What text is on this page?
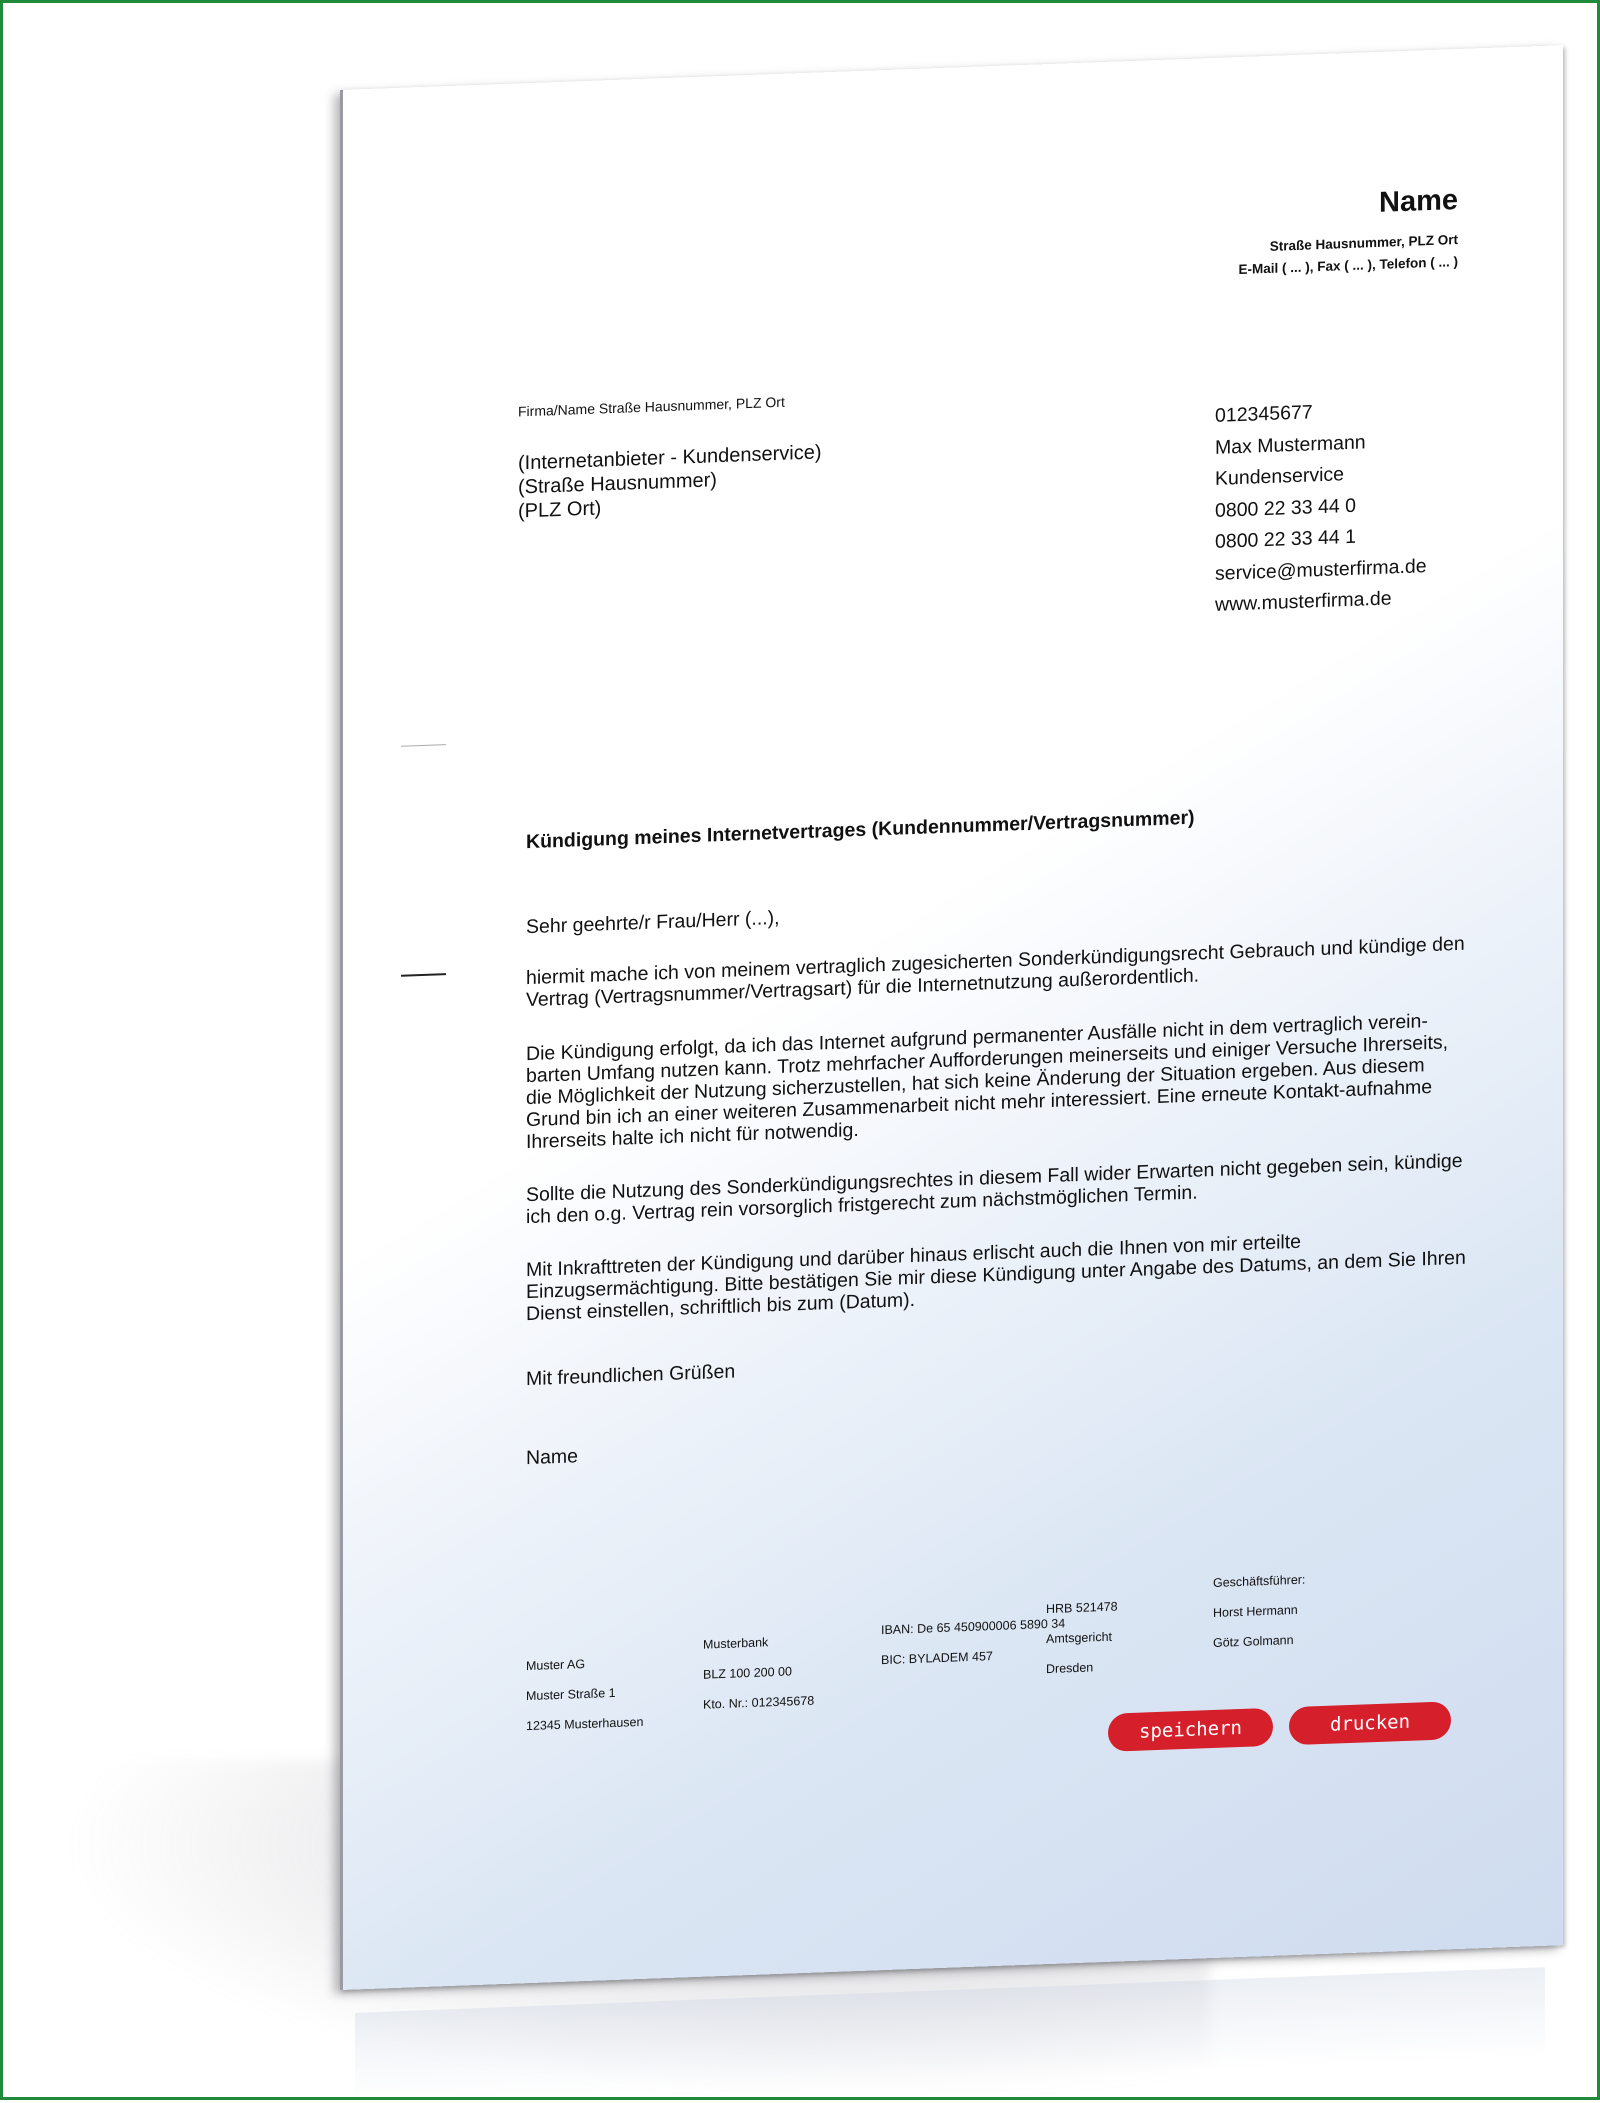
Name
Straße Hausnummer, PLZ Ort
E-Mail ( ... ), Fax ( ... ), Telefon ( ... )
Firma/Name Straße Hausnummer, PLZ Ort
(Internetanbieter - Kundenservice)
(Straße Hausnummer)
(PLZ Ort)
012345677
Max Mustermann
Kundenservice
0800 22 33 44 0
0800 22 33 44 1
service@musterfirma.de
www.musterfirma.de
Kündigung meines Internetvertrages (Kundennummer/Vertragsnummer)
Sehr geehrte/r Frau/Herr (...),
hiermit mache ich von meinem vertraglich zugesicherten Sonderkündigungsrecht Gebrauch und kündige den Vertrag (Vertragsnummer/Vertragsart) für die Internetnutzung außerordentlich.
Die Kündigung erfolgt, da ich das Internet aufgrund permanenter Ausfälle nicht in dem vertraglich verein-barten Umfang nutzen kann. Trotz mehrfacher Aufforderungen meinerseits und einiger Versuche Ihrerseits, die Möglichkeit der Nutzung sicherzustellen, hat sich keine Änderung der Situation ergeben. Aus diesem Grund bin ich an einer weiteren Zusammenarbeit nicht mehr interessiert. Eine erneute Kontakt-aufnahme Ihrerseits halte ich nicht für notwendig.
Sollte die Nutzung des Sonderkündigungsrechtes in diesem Fall wider Erwarten nicht gegeben sein, kündige ich den o.g. Vertrag rein vorsorglich fristgerecht zum nächstmöglichen Termin.
Mit Inkrafttreten der Kündigung und darüber hinaus erlischt auch die Ihnen von mir erteilte Einzugsermächtigung. Bitte bestätigen Sie mir diese Kündigung unter Angabe des Datums, an dem Sie Ihren Dienst einstellen, schriftlich bis zum (Datum).
Mit freundlichen Grüßen
Name
Muster AG
Muster Straße 1
12345 Musterhausen
Musterbank
BLZ 100 200 00
Kto. Nr.: 012345678
IBAN: De 65 450900006 5890 34
BIC: BYLADEM 457
HRB 521478
Amtsgericht
Dresden
Geschäftsführer:
Horst Hermann
Götz Golmann
speichern	drucken
